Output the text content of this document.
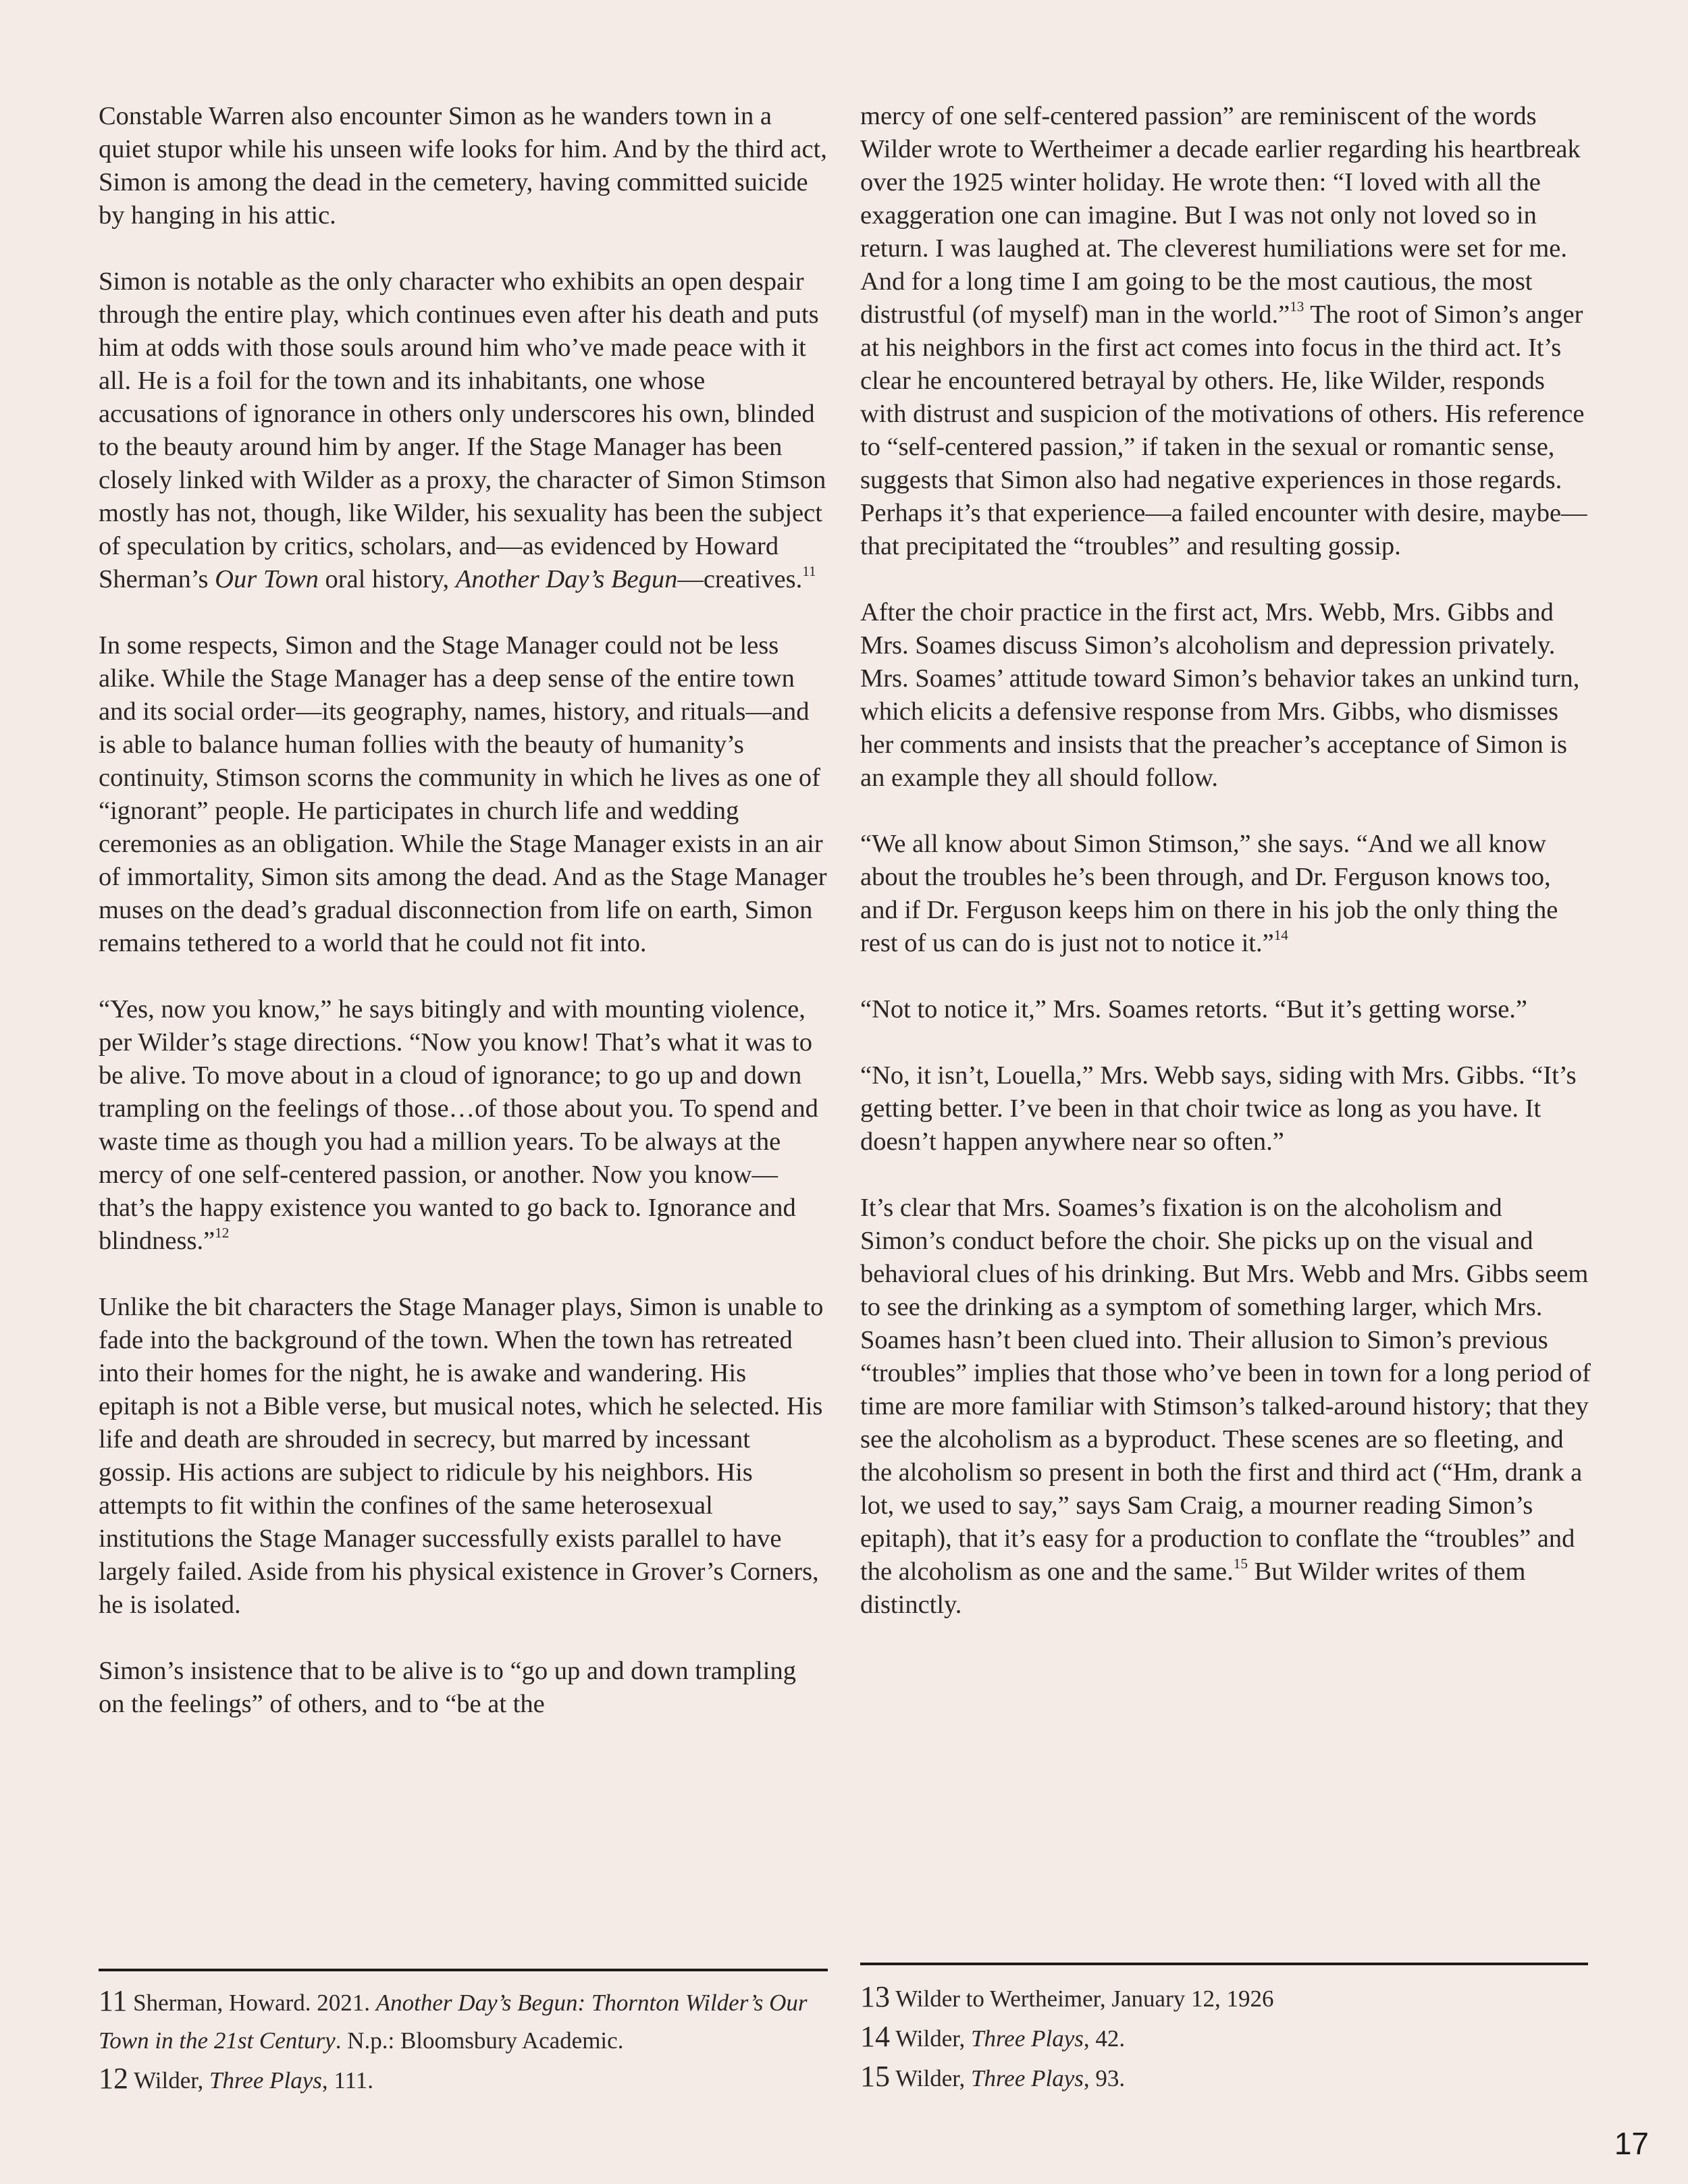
Constable Warren also encounter Simon as he wanders town in a quiet stupor while his unseen wife looks for him. And by the third act, Simon is among the dead in the cemetery, having committed suicide by hanging in his attic.

Simon is notable as the only character who exhibits an open despair through the entire play, which continues even after his death and puts him at odds with those souls around him who’ve made peace with it all. He is a foil for the town and its inhabitants, one whose accusations of ignorance in others only underscores his own, blinded to the beauty around him by anger. If the Stage Manager has been closely linked with Wilder as a proxy, the character of Simon Stimson mostly has not, though, like Wilder, his sexuality has been the subject of speculation by critics, scholars, and—as evidenced by Howard Sherman’s Our Town oral history, Another Day’s Begun—creatives.$^{11}$

In some respects, Simon and the Stage Manager could not be less alike. While the Stage Manager has a deep sense of the entire town and its social order—its geography, names, history, and rituals—and is able to balance human follies with the beauty of humanity’s continuity, Stimson scorns the community in which he lives as one of “ignorant” people. He participates in church life and wedding ceremonies as an obligation. While the Stage Manager exists in an air of immortality, Simon sits among the dead. And as the Stage Manager muses on the dead’s gradual disconnection from life on earth, Simon remains tethered to a world that he could not fit into.

“Yes, now you know,” he says bitingly and with mounting violence, per Wilder’s stage directions. “Now you know! That’s what it was to be alive. To move about in a cloud of ignorance; to go up and down trampling on the feelings of those…of those about you. To spend and waste time as though you had a million years. To be always at the mercy of one self-centered passion, or another. Now you know—that’s the happy existence you wanted to go back to. Ignorance and blindness.”$^{12}$

Unlike the bit characters the Stage Manager plays, Simon is unable to fade into the background of the town. When the town has retreated into their homes for the night, he is awake and wandering. His epitaph is not a Bible verse, but musical notes, which he selected. His life and death are shrouded in secrecy, but marred by incessant gossip. His actions are subject to ridicule by his neighbors. His attempts to fit within the confines of the same heterosexual institutions the Stage Manager successfully exists parallel to have largely failed. Aside from his physical existence in Grover’s Corners, he is isolated.

Simon’s insistence that to be alive is to “go up and down trampling on the feelings” of others, and to “be at the

mercy of one self-centered passion” are reminiscent of the words Wilder wrote to Wertheimer a decade earlier regarding his heartbreak over the 1925 winter holiday. He wrote then: “I loved with all the exaggeration one can imagine. But I was not only not loved so in return. I was laughed at. The cleverest humiliations were set for me. And for a long time I am going to be the most cautious, the most distrustful (of myself) man in the world.”$^{13}$ The root of Simon’s anger at his neighbors in the first act comes into focus in the third act. It’s clear he encountered betrayal by others. He, like Wilder, responds with distrust and suspicion of the motivations of others. His reference to “self-centered passion,” if taken in the sexual or romantic sense, suggests that Simon also had negative experiences in those regards. Perhaps it’s that experience—a failed encounter with desire, maybe—that precipitated the “troubles” and resulting gossip.

After the choir practice in the first act, Mrs. Webb, Mrs. Gibbs and Mrs. Soames discuss Simon’s alcoholism and depression privately. Mrs. Soames’ attitude toward Simon’s behavior takes an unkind turn, which elicits a defensive response from Mrs. Gibbs, who dismisses her comments and insists that the preacher’s acceptance of Simon is an example they all should follow.

“We all know about Simon Stimson,” she says. “And we all know about the troubles he’s been through, and Dr. Ferguson knows too, and if Dr. Ferguson keeps him on there in his job the only thing the rest of us can do is just not to notice it.”$^{14}$

“Not to notice it,” Mrs. Soames retorts. “But it’s getting worse.”

“No, it isn’t, Louella,” Mrs. Webb says, siding with Mrs. Gibbs. “It’s getting better. I’ve been in that choir twice as long as you have. It doesn’t happen anywhere near so often.”

It’s clear that Mrs. Soames’s fixation is on the alcoholism and Simon’s conduct before the choir. She picks up on the visual and behavioral clues of his drinking. But Mrs. Webb and Mrs. Gibbs seem to see the drinking as a symptom of something larger, which Mrs. Soames hasn’t been clued into. Their allusion to Simon’s previous “troubles” implies that those who’ve been in town for a long period of time are more familiar with Stimson’s talked-around history; that they see the alcoholism as a byproduct. These scenes are so fleeting, and the alcoholism so present in both the first and third act (“Hm, drank a lot, we used to say,” says Sam Craig, a mourner reading Simon’s epitaph), that it’s easy for a production to conflate the “troubles” and the alcoholism as one and the same.$^{15}$ But Wilder writes of them distinctly.

11 Sherman, Howard. 2021. Another Day’s Begun: Thornton Wilder’s Our Town in the 21st Century. N.p.: Bloomsbury Academic.

12 Wilder, Three Plays, 111.

13 Wilder to Wertheimer, January 12, 1926

14 Wilder, Three Plays, 42.

15 Wilder, Three Plays, 93.

17
